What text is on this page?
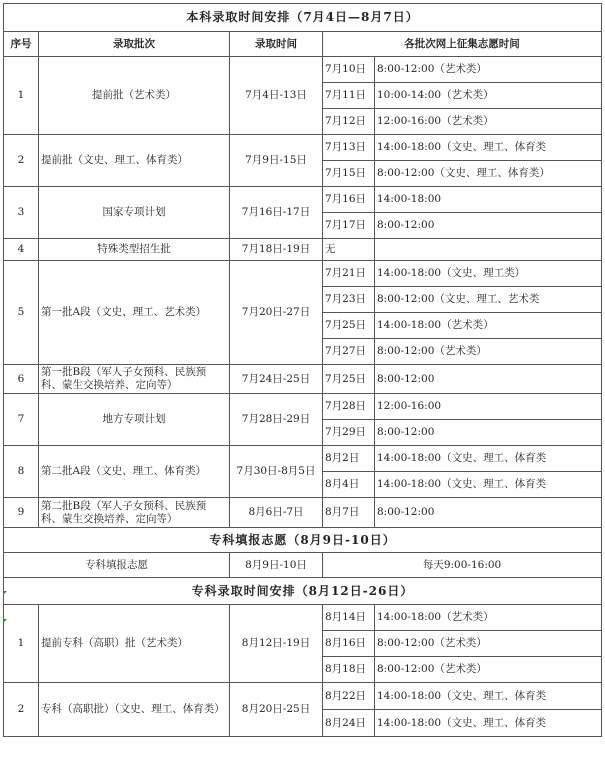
本科录取时间安排（7月4日—8月7日）				
序号	录取批次	录取时间	各批次网上征集志愿时间	
1	提前批（艺术类）	7月4日-13日	7月10日	8:00-12:00（艺术类）
			7月11日	10:00-14:00（艺术类）
			7月12日	12:00-16:00（艺术类）
2	提前批（文史、理工、体育类）	7月9日-15日	7月13日	14:00-18:00（文史、理工、体育类
			7月15日	8:00-12:00（文史、理工、体育类）
3	国家专项计划	7月16日-17日	7月16日	14:00-18:00
			7月17日	8:00-12:00
4	特殊类型招生批	7月18日-19日	无	
5	第一批A段（文史、理工、艺术类）	7月20日-27日	7月21日	14:00-18:00（文史、理工类）
			7月23日	8:00-12:00（文史、理工、艺术类
			7月25日	14:00-18:00（艺术类）
			7月27日	8:00-12:00（艺术类）
6	第一批B段（军人子女预科、民族预科、蒙生交换培养、定向等）	7月24日-25日	7月25日	8:00-12:00
7	地方专项计划	7月28日-29日	7月28日	12:00-16:00
			7月29日	8:00-12:00
8	第二批A段（文史、理工、体育类）	7月30日-8月5日	8月2日	14:00-18:00（文史、理工、体育类
			8月4日	14:00-18:00（文史、理工、体育类
9	第二批B段（军人子女预科、民族预科、蒙生交换培养、定向等）	8月6日-7日	8月7日	8:00-12:00
专科填报志愿（8月9日-10日）				
专科填报志愿		8月9日-10日	每天9:00-16:00	
专科录取时间安排（8月12日-26日）				
1	提前专科（高职）批（艺术类）	8月12日-19日	8月14日	14:00-18:00（艺术类）
			8月16日	8:00-12:00（艺术类）
			8月18日	8:00-12:00（艺术类）
2	专科（高职批）（文史、理工、体育类）	8月20日-25日	8月22日	14:00-18:00（文史、理工、体育类
			8月24日	14:00-18:00（文史、理工、体育类
